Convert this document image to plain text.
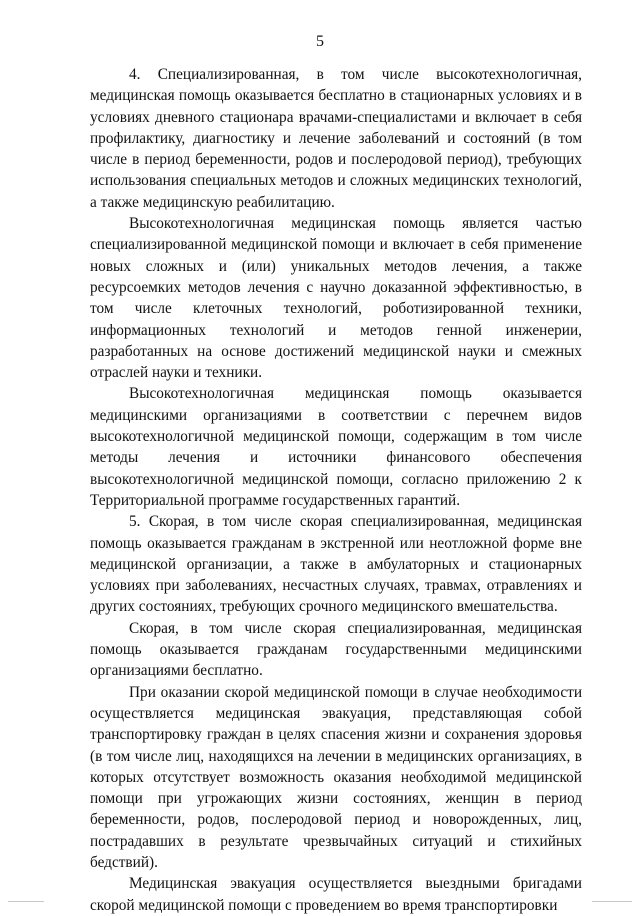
5

4. Специализированная, в том числе высокотехнологичная, медицинская помощь оказывается бесплатно в стационарных условиях и в условиях дневного стационара врачами-специалистами и включает в себя профилактику, диагностику и лечение заболеваний и состояний (в том числе в период беременности, родов и послеродовой период), требующих использования специальных методов и сложных медицинских технологий, а также медицинскую реабилитацию.

Высокотехнологичная медицинская помощь является частью специализированной медицинской помощи и включает в себя применение новых сложных и (или) уникальных методов лечения, а также ресурсоемких методов лечения с научно доказанной эффективностью, в том числе клеточных технологий, роботизированной техники, информационных технологий и методов генной инженерии, разработанных на основе достижений медицинской науки и смежных отраслей науки и техники.

Высокотехнологичная медицинская помощь оказывается медицинскими организациями в соответствии с перечнем видов высокотехнологичной медицинской помощи, содержащим в том числе методы лечения и источники финансового обеспечения высокотехнологичной медицинской помощи, согласно приложению 2 к Территориальной программе государственных гарантий.

5. Скорая, в том числе скорая специализированная, медицинская помощь оказывается гражданам в экстренной или неотложной форме вне медицинской организации, а также в амбулаторных и стационарных условиях при заболеваниях, несчастных случаях, травмах, отравлениях и других состояниях, требующих срочного медицинского вмешательства.

Скорая, в том числе скорая специализированная, медицинская помощь оказывается гражданам государственными медицинскими организациями бесплатно.

При оказании скорой медицинской помощи в случае необходимости осуществляется медицинская эвакуация, представляющая собой транспортировку граждан в целях спасения жизни и сохранения здоровья (в том числе лиц, находящихся на лечении в медицинских организациях, в которых отсутствует возможность оказания необходимой медицинской помощи при угрожающих жизни состояниях, женщин в период беременности, родов, послеродовой период и новорожденных, лиц, пострадавших в результате чрезвычайных ситуаций и стихийных бедствий).

Медицинская эвакуация осуществляется выездными бригадами скорой медицинской помощи с проведением во время транспортировки
